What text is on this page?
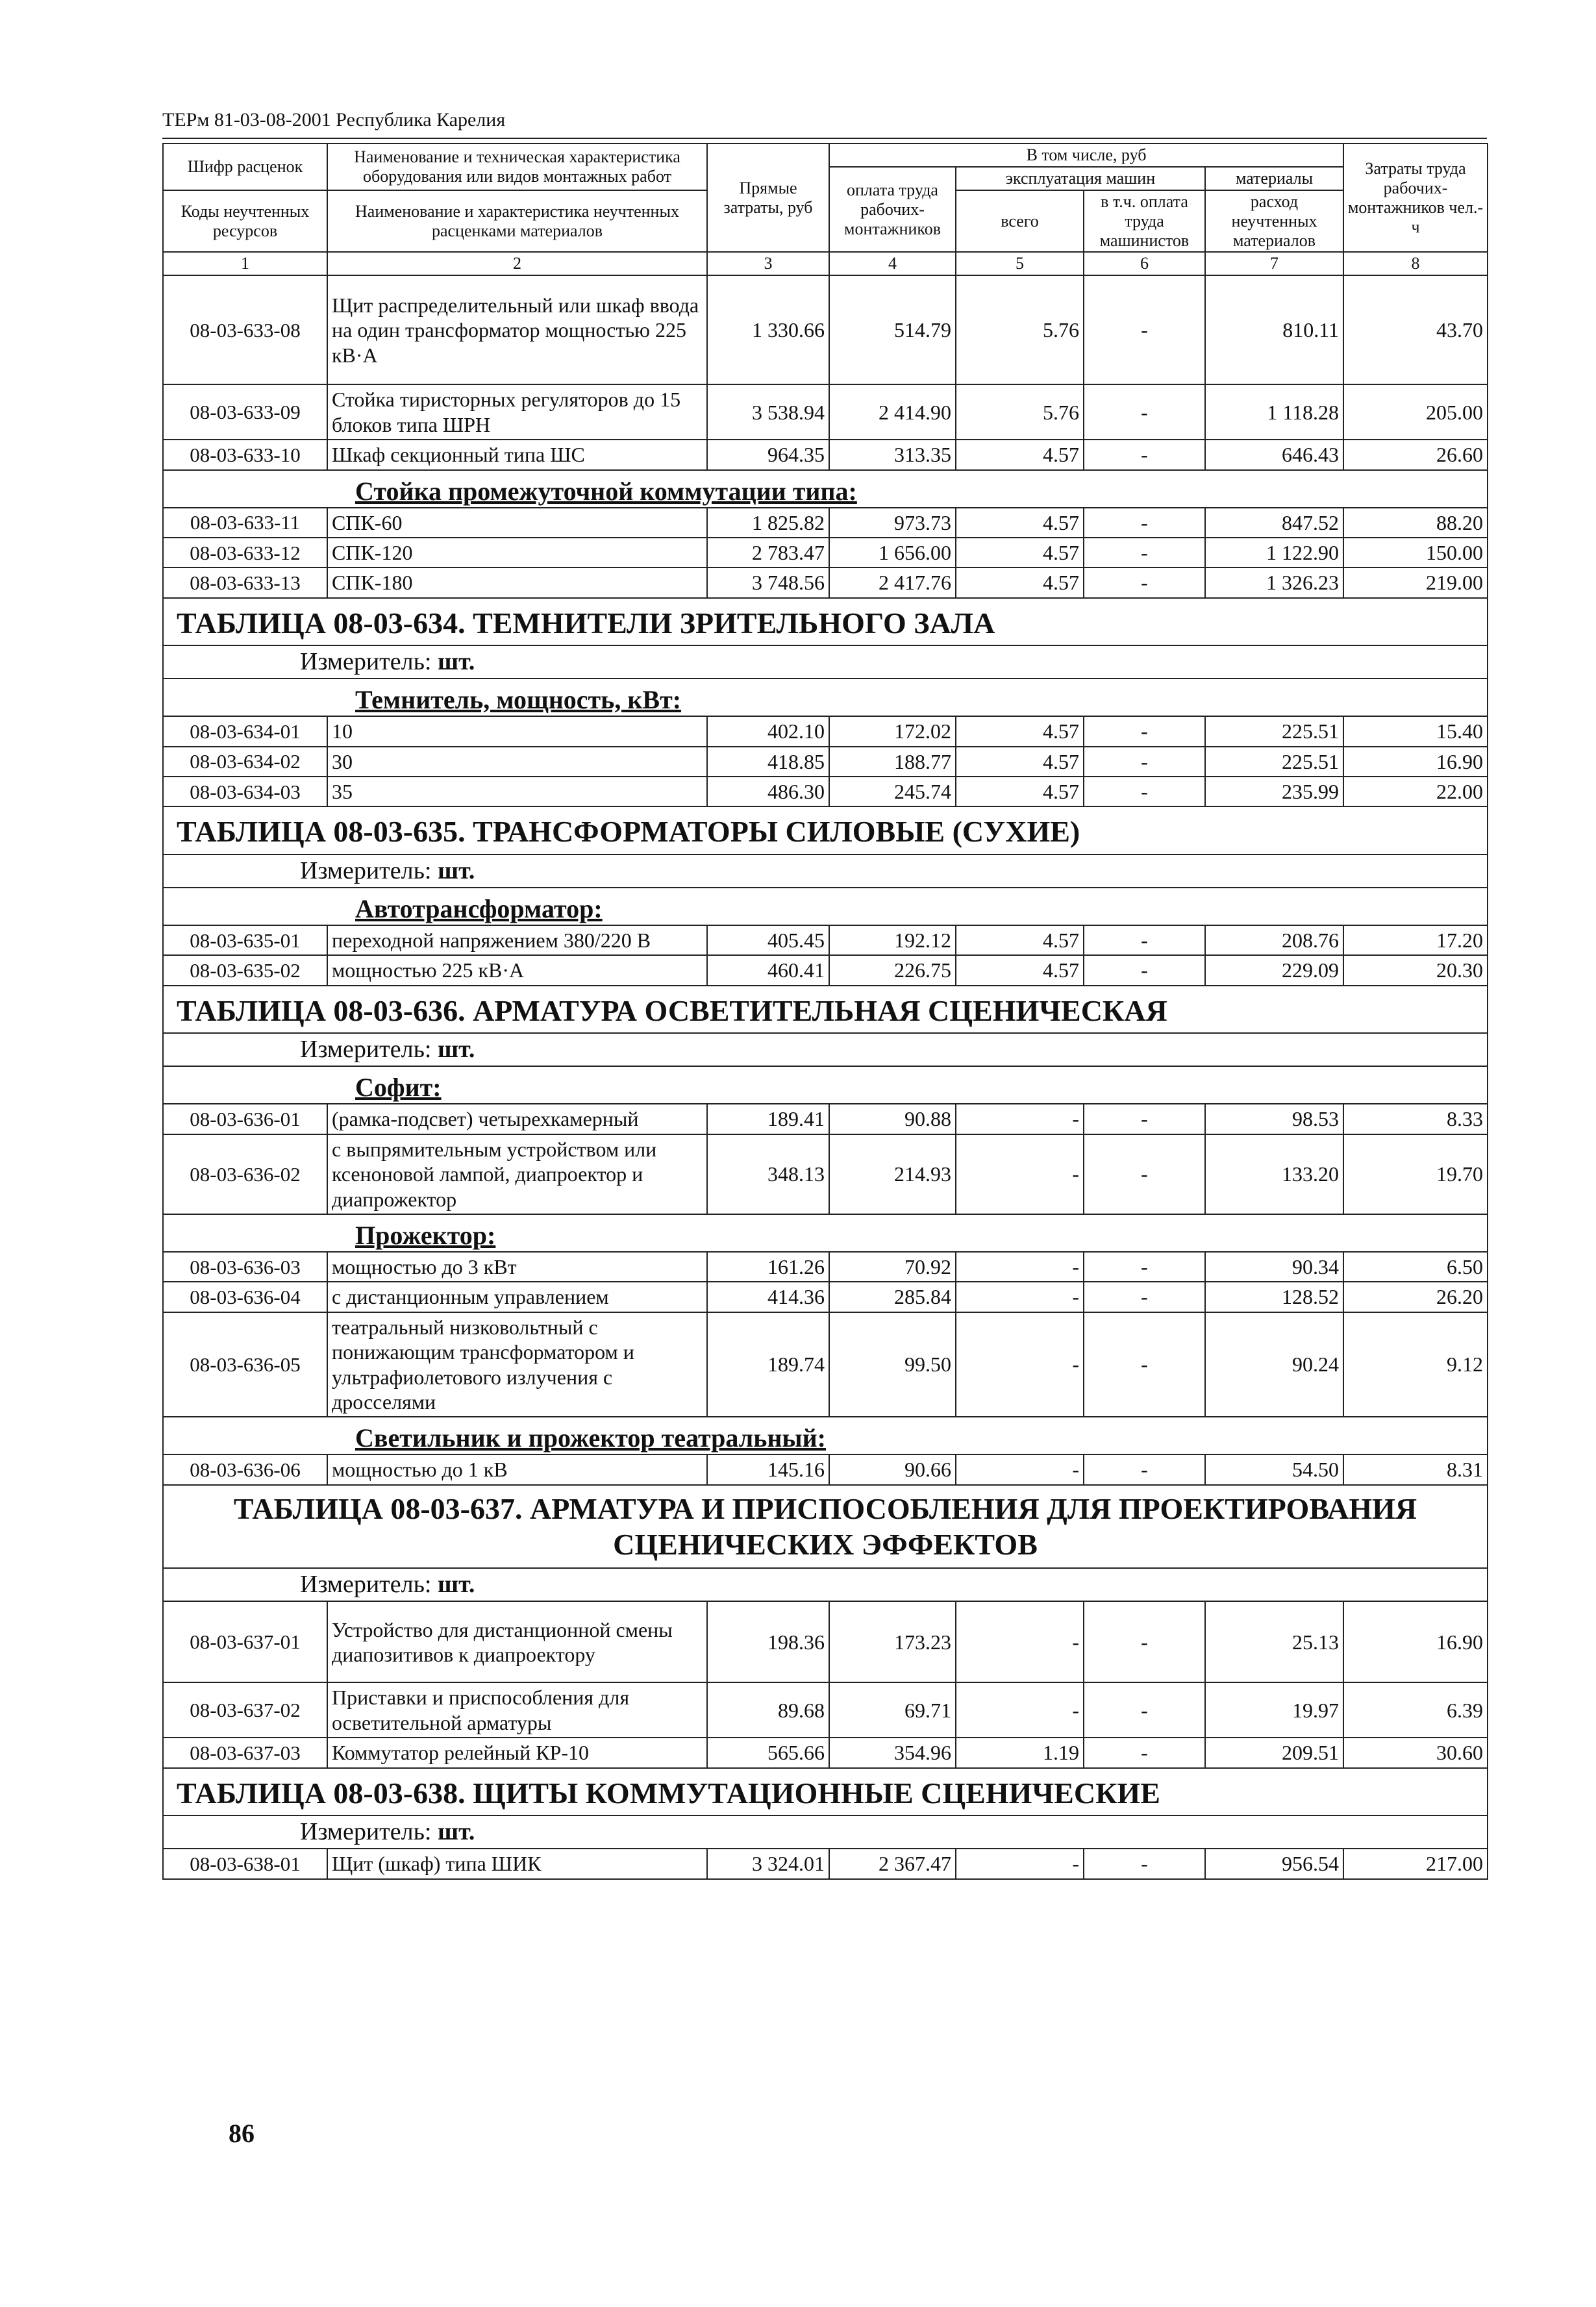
ТЕРм 81-03-08-2001 Республика Карелия
Шифр расценок	Наименование и техническая характеристика оборудования или видов монтажных работ	Прямые затраты, руб	В том числе, руб				Затраты труда рабочих-монтажников чел.-ч
			оплата труда рабочих-монтажников	эксплуатация машин		материалы	
Коды неучтенных ресурсов	Наименование и характеристика неучтенных расценками материалов			всего	в т.ч. оплата труда машинистов	расход неучтенных материалов	

1	2	3	4	5	6	7	8
08-03-633-08	Щит распределительный или шкаф ввода на один трансформатор мощностью 225 кВ·А	1 330.66	514.79	5.76	-	810.11	43.70
08-03-633-09	Стойка тиристорных регуляторов до 15 блоков типа ШРН	3 538.94	2 414.90	5.76	-	1 118.28	205.00
08-03-633-10	Шкаф секционный типа ШС	964.35	313.35	4.57	-	646.43	26.60

Стойка промежуточной коммутации типа:							

08-03-633-11	СПК-60	1 825.82	973.73	4.57	-	847.52	88.20
08-03-633-12	СПК-120	2 783.47	1 656.00	4.57	-	1 122.90	150.00
08-03-633-13	СПК-180	3 748.56	2 417.76	4.57	-	1 326.23	219.00

ТАБЛИЦА 08-03-634. ТЕМНИТЕЛИ ЗРИТЕЛЬНОГО ЗАЛА							

Измеритель: шт.							

Темнитель, мощность, кВт:							

08-03-634-01	10	402.10	172.02	4.57	-	225.51	15.40
08-03-634-02	30	418.85	188.77	4.57	-	225.51	16.90
08-03-634-03	35	486.30	245.74	4.57	-	235.99	22.00

ТАБЛИЦА 08-03-635. ТРАНСФОРМАТОРЫ СИЛОВЫЕ (СУХИЕ)							

Измеритель: шт.							

Автотрансформатор:							

08-03-635-01	переходной напряжением 380/220 В	405.45	192.12	4.57	-	208.76	17.20
08-03-635-02	мощностью 225 кВ·А	460.41	226.75	4.57	-	229.09	20.30

ТАБЛИЦА 08-03-636. АРМАТУРА ОСВЕТИТЕЛЬНАЯ СЦЕНИЧЕСКАЯ							

Измеритель: шт.							

Софит:							

08-03-636-01	(рамка-подсвет) четырехкамерный	189.41	90.88	-	-	98.53	8.33
08-03-636-02	с выпрямительным устройством или ксеноновой лампой, диапроектор и диапрожектор	348.13	214.93	-	-	133.20	19.70

Прожектор:							

08-03-636-03	мощностью до 3 кВт	161.26	70.92	-	-	90.34	6.50
08-03-636-04	с дистанционным управлением	414.36	285.84	-	-	128.52	26.20
08-03-636-05	театральный низковольтный с понижающим трансформатором и ультрафиолетового излучения с дросселями	189.74	99.50	-	-	90.24	9.12

Светильник и прожектор театральный:							

08-03-636-06	мощностью до 1 кВ	145.16	90.66	-	-	54.50	8.31

ТАБЛИЦА 08-03-637. АРМАТУРА И ПРИСПОСОБЛЕНИЯ ДЛЯ ПРОЕКТИРОВАНИЯ СЦЕНИЧЕСКИХ ЭФФЕКТОВ							

Измеритель: шт.							

08-03-637-01	Устройство для дистанционной смены диапозитивов к диапроектору	198.36	173.23	-	-	25.13	16.90
08-03-637-02	Приставки и приспособления для осветительной арматуры	89.68	69.71	-	-	19.97	6.39
08-03-637-03	Коммутатор релейный КР-10	565.66	354.96	1.19	-	209.51	30.60

ТАБЛИЦА 08-03-638. ЩИТЫ КОММУТАЦИОННЫЕ СЦЕНИЧЕСКИЕ							

Измеритель: шт.							

08-03-638-01	Щит (шкаф) типа ШИК	3 324.01	2 367.47	-	-	956.54	217.00
86
